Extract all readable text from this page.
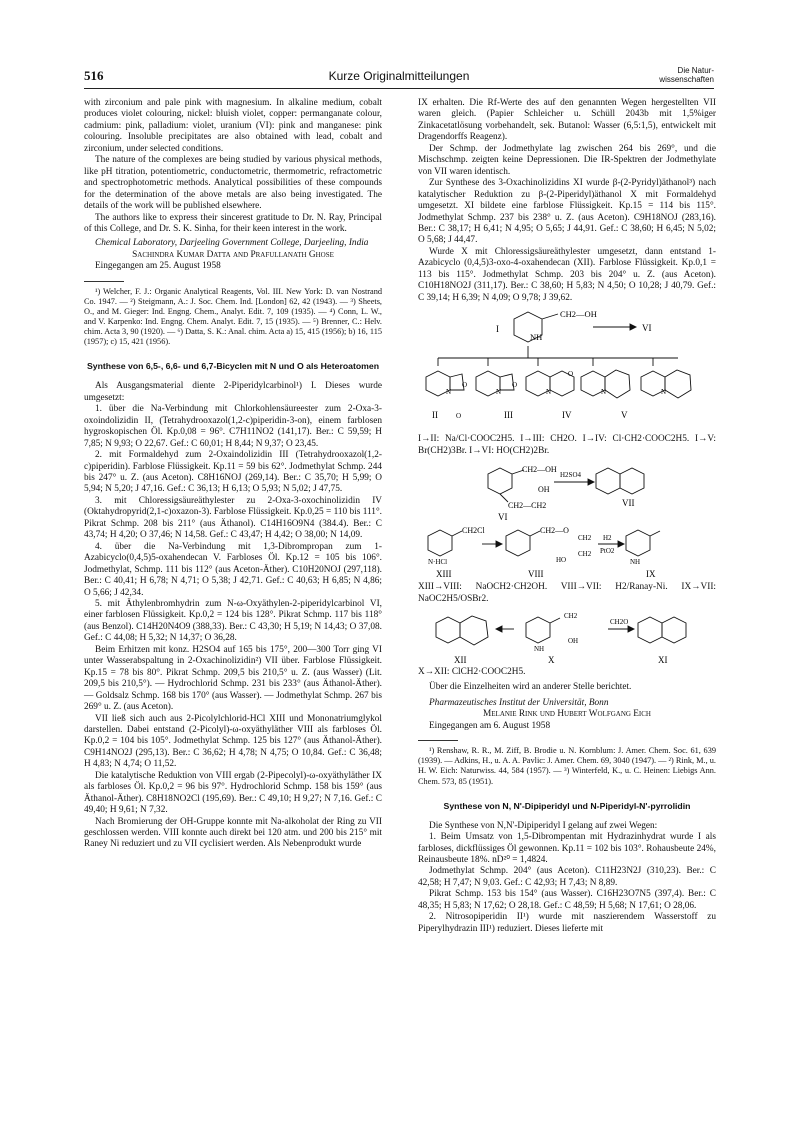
516	Kurze Originalmitteilungen	Die Natur-
wissenschaften

with zirconium and pale pink with magnesium. In alkaline medium, cobalt produces violet colouring, nickel: bluish violet, copper: permanganate colour, cadmium: pink, palladium: violet, uranium (VI): pink and manganese: pink colouring. Insoluble precipitates are also obtained with lead, cobalt and zirconium, under selected conditions.

The nature of the complexes are being studied by various physical methods, like pH titration, potentiometric, conductometric, thermometric, refractometric and spectrophotometric methods. Analytical possibilities of these compounds for the determination of the above metals are also being investigated. The details of the work will be published elsewhere.

The authors like to express their sincerest gratitude to Dr. N. Ray, Principal of this College, and Dr. S. K. Sinha, for their keen interest in the work.

Chemical Laboratory, Darjeeling Government College, Darjeeling, India

Sachindra Kumar Datta and Prafullanath Ghose

Eingegangen am 25. August 1958

¹) Welcher, F. J.: Organic Analytical Reagents, Vol. III. New York: D. van Nostrand Co. 1947. — ²) Steigmann, A.: J. Soc. Chem. Ind. [London] 62, 42 (1943). — ³) Sheets, O., and M. Gieger: Ind. Engng. Chem., Analyt. Edit. 7, 109 (1935). — ⁴) Conn, L. W., and V. Karpenko: Ind. Engng. Chem. Analyt. Edit. 7, 15 (1935). — ⁵) Brenner, C.: Helv. chim. Acta 3, 90 (1920). — ⁶) Datta, S. K.: Anal. chim. Acta a) 15, 415 (1956); b) 16, 115 (1957); c) 15, 421 (1956).

Synthese von 6,5-, 6,6- und 6,7-Bicyclen mit N und O als Heteroatomen

Als Ausgangsmaterial diente 2-Piperidylcarbinol¹) I. Dieses wurde umgesetzt:

1. über die Na-Verbindung mit Chlorkohlensäureester zum 2-Oxa-3-oxoindolizidin II, (Tetrahydrooxazol(1,2-c)piperidin-3-on), einem farblosen hygroskopischen Öl. Kp.0,08 = 96°. C7H11NO2 (141,17). Ber.: C 59,59; H 7,85; N 9,93; O 22,67. Gef.: C 60,01; H 8,44; N 9,37; O 23,45.

2. mit Formaldehyd zum 2-Oxaindolizidin III (Tetrahydrooxazol(1,2-c)piperidin). Farblose Flüssigkeit. Kp.11 = 59 bis 62°. Jodmethylat Schmp. 244 bis 247° u. Z. (aus Aceton). C8H16NOJ (269,14). Ber.: C 35,70; H 5,99; O 5,94; N 5,20; J 47,16. Gef.: C 36,13; H 6,13; O 5,93; N 5,02; J 47,75.

3. mit Chloressigsäureäthylester zu 2-Oxa-3-oxochinolizidin IV (Oktahydropyrid(2,1-c)oxazon-3). Farblose Flüssigkeit. Kp.0,25 = 110 bis 111°. Pikrat Schmp. 208 bis 211° (aus Äthanol). C14H16O9N4 (384.4). Ber.: C 43,74; H 4,20; O 37,46; N 14,58. Gef.: C 43,47; H 4,42; O 38,00; N 14,09.

4. über die Na-Verbindung mit 1,3-Dibrompropan zum 1-Azabicyclo(0,4,5)5-oxahendecan V. Farbloses Öl. Kp.12 = 105 bis 106°. Jodmethylat, Schmp. 111 bis 112° (aus Aceton-Äther). C10H20NOJ (297,118). Ber.: C 40,41; H 6,78; N 4,71; O 5,38; J 42,71. Gef.: C 40,63; H 6,85; N 4,86; O 5,66; J 42,34.

5. mit Äthylenbromhydrin zum N-ω-Oxyäthylen-2-piperidylcarbinol VI, einer farblosen Flüssigkeit. Kp.0,2 = 124 bis 128°. Pikrat Schmp. 117 bis 118° (aus Benzol). C14H20N4O9 (388,33). Ber.: C 43,30; H 5,19; N 14,43; O 37,08. Gef.: C 44,08; H 5,32; N 14,37; O 36,28.

Beim Erhitzen mit konz. H2SO4 auf 165 bis 175°, 200—300 Torr ging VI unter Wasserabspaltung in 2-Oxachinolizidin²) VII über. Farblose Flüssigkeit. Kp.15 = 78 bis 80°. Pikrat Schmp. 209,5 bis 210,5° u. Z. (aus Wasser) (Lit. 209,5 bis 210,5°). — Hydrochlorid Schmp. 231 bis 233° (aus Äthanol-Äther). — Goldsalz Schmp. 168 bis 170° (aus Wasser). — Jodmethylat Schmp. 267 bis 269° u. Z. (aus Aceton).

VII ließ sich auch aus 2-Picolylchlorid-HCl XIII und Mononatriumglykol darstellen. Dabei entstand (2-Picolyl)-ω-oxyäthyläther VIII als farbloses Öl. Kp.0,2 = 104 bis 105°. Jodmethylat Schmp. 125 bis 127° (aus Äthanol-Äther). C9H14NO2J (295,13). Ber.: C 36,62; H 4,78; N 4,75; O 10,84. Gef.: C 36,48; H 4,83; N 4,74; O 11,52.

Die katalytische Reduktion von VIII ergab (2-Pipecolyl)-ω-oxyäthyläther IX als farbloses Öl. Kp.0,2 = 96 bis 97°. Hydrochlorid Schmp. 158 bis 159° (aus Äthanol-Äther). C8H18NO2Cl (195,69). Ber.: C 49,10; H 9,27; N 7,16. Gef.: C 49,40; H 9,61; N 7,32.

Nach Bromierung der OH-Gruppe konnte mit Na-alkoholat der Ring zu VII geschlossen werden. VIII konnte auch direkt bei 120 atm. und 200 bis 215° mit Raney Ni reduziert und zu VII cyclisiert werden. Als Nebenprodukt wurde

IX erhalten. Die Rf-Werte des auf den genannten Wegen hergestellten VII waren gleich. (Papier Schleicher u. Schüll 2043b mit 1,5%iger Zinkacetatlösung vorbehandelt, sek. Butanol: Wasser (6,5:1,5), entwickelt mit Dragendorffs Reagenz).

Der Schmp. der Jodmethylate lag zwischen 264 bis 269°, und die Mischschmp. zeigten keine Depressionen. Die IR-Spektren der Jodmethylate von VII waren identisch.

Zur Synthese des 3-Oxachinolizidins XI wurde β-(2-Pyridyl)äthanol³) nach katalytischer Reduktion zu β-(2-Piperidyl)äthanol X mit Formaldehyd umgesetzt. XI bildete eine farblose Flüssigkeit. Kp.15 = 114 bis 115°. Jodmethylat Schmp. 237 bis 238° u. Z. (aus Aceton). C9H18NOJ (283,16). Ber.: C 38,17; H 6,41; N 4,95; O 5,65; J 44,91. Gef.: C 38,60; H 6,45; N 5,02; O 5,68; J 44,47.

Wurde X mit Chloressigsäureäthylester umgesetzt, dann entstand 1-Azabicyclo (0,4,5)3-oxo-4-oxahendecan (XII). Farblose Flüssigkeit. Kp.0,1 = 113 bis 115°. Jodmethylat Schmp. 203 bis 204° u. Z. (aus Aceton). C10H18NO2J (311,17). Ber.: C 38,60; H 5,83; N 4,50; O 10,28; J 40,79. Gef.: C 39,14; H 6,39; N 4,09; O 9,78; J 39,62.

CH2—OH
NH
I	VI
N
O
N
O
N
O
N	N
II	O	III	IV	V

I→II: Na/Cl·COOC2H5. I→III: CH2O. I→IV: Cl·CH2·COOC2H5. I→V: Br(CH2)3Br. I→VI: HO(CH2)2Br.

CH2—OH
H2SO4
OH
CH2—CH2
VI
VII
CH2Cl
N·HCl
CH2—O
CH2
CH2
HO
H2
PtO2
NH
XIII	VIII	IX

XIII→VIII: NaOCH2·CH2OH. VIII→VII: H2/Ranay-Ni. IX→VII: NaOC2H5/OSBr2.

CH2
NH
OH
CH2O
XII	X	XI

X→XII: ClCH2·COOC2H5.

Über die Einzelheiten wird an anderer Stelle berichtet.

Pharmazeutisches Institut der Universität, Bonn

Melanie Rink und Hubert Wolfgang Eich

Eingegangen am 6. August 1958

¹) Renshaw, R. R., M. Ziff, B. Brodie u. N. Kornblum: J. Amer. Chem. Soc. 61, 639 (1939). — Adkins, H., u. A. A. Pavlic: J. Amer. Chem. 69, 3040 (1947). — ²) Rink, M., u. H. W. Eich: Naturwiss. 44, 584 (1957). — ³) Winterfeld, K., u. C. Heinen: Liebigs Ann. Chem. 573, 85 (1951).

Synthese von N, N'-Dipiperidyl und N-Piperidyl-N'-pyrrolidin

Die Synthese von N,N'-Dipiperidyl I gelang auf zwei Wegen:

1. Beim Umsatz von 1,5-Dibrompentan mit Hydrazinhydrat wurde I als farbloses, dickflüssiges Öl gewonnen. Kp.11 = 102 bis 103°. Rohausbeute 24%, Reinausbeute 18%. nD²⁰ = 1,4824.

Jodmethylat Schmp. 204° (aus Aceton). C11H23N2J (310,23). Ber.: C 42,58; H 7,47; N 9,03. Gef.: C 42,93; H 7,43; N 8,89.

Pikrat Schmp. 153 bis 154° (aus Wasser). C16H23O7N5 (397,4). Ber.: C 48,35; H 5,83; N 17,62; O 28,18. Gef.: C 48,59; H 5,68; N 17,61; O 28,06.

2. Nitrosopiperidin II¹) wurde mit naszierendem Wasserstoff zu Piperylhydrazin III¹) reduziert. Dieses lieferte mit
